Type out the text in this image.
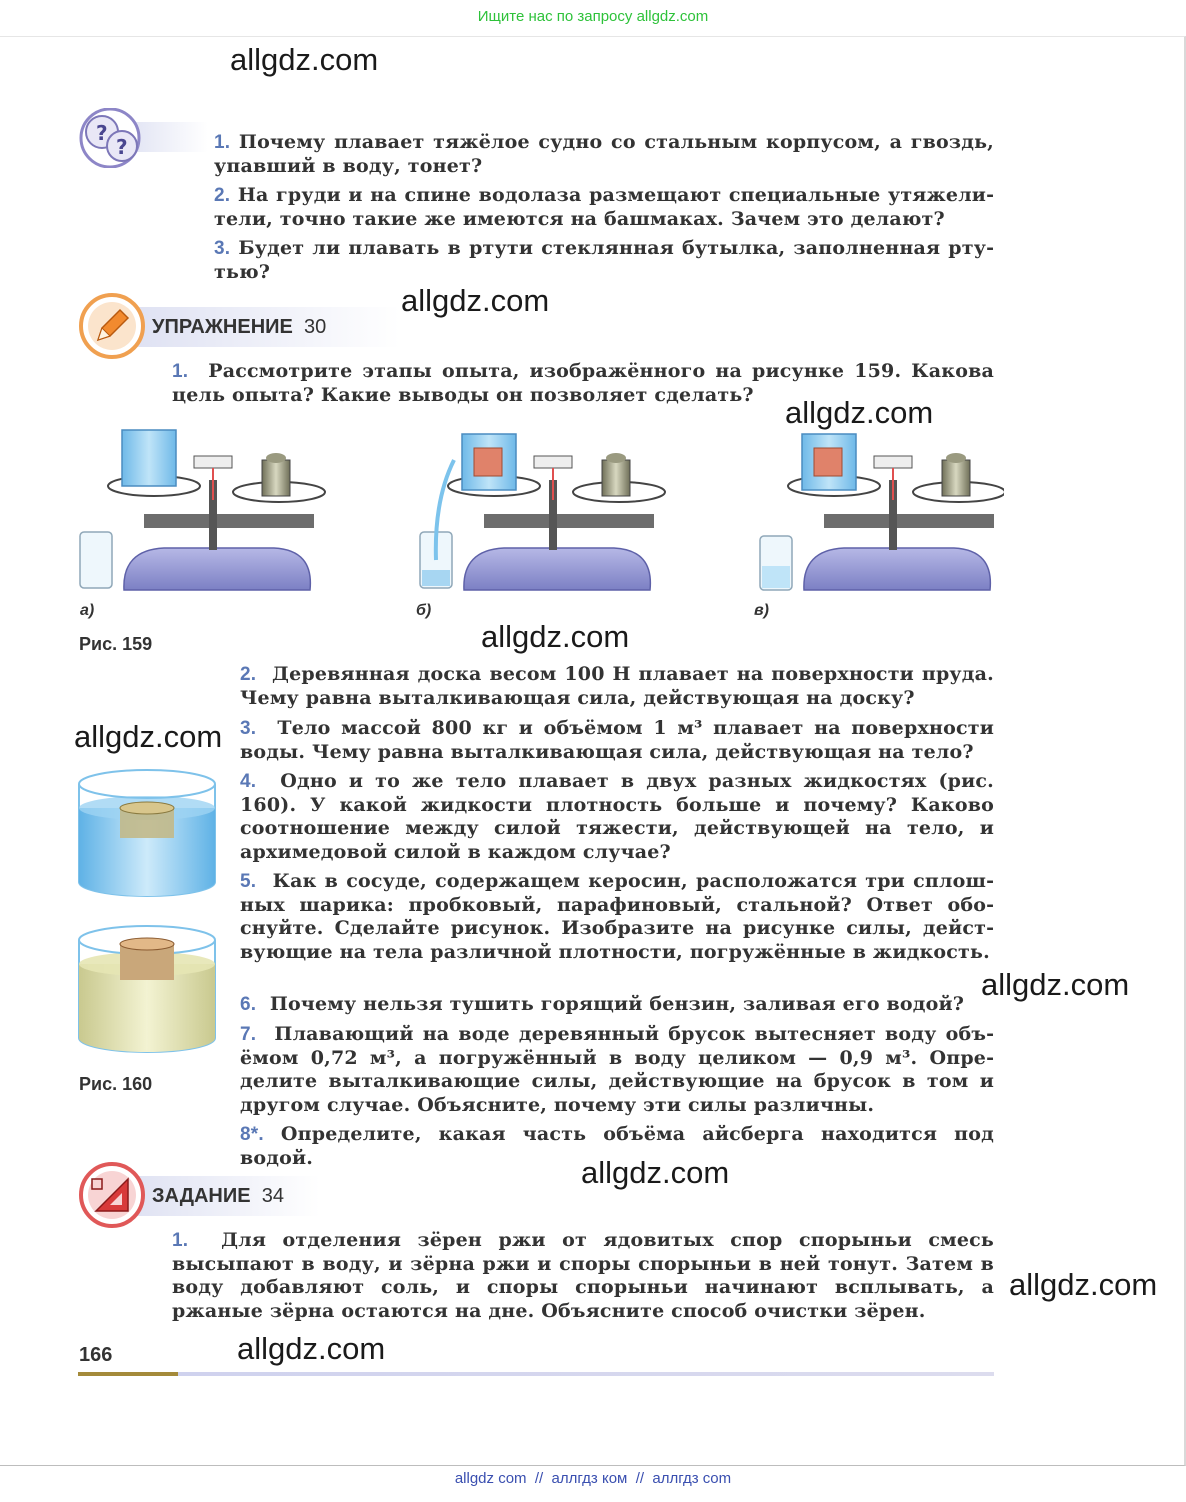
Ищите нас по запросу allgdz.com
?
?	1. Почему плавает тяжёлое судно со стальным корпусом, а гвоздь, упавший в воду, тонет?
2. На груди и на спине водолаза размещают специальные утяжелители, точно такие же имеются на башмаках. Зачем это делают?
3. Будет ли плавать в ртути стеклянная бутылка, заполненная ртутью?
УПРАЖНЕНИЕ 30
1. Рассмотрите этапы опыта, изображённого на рисунке 159. Какова цель опыта? Какие выводы он позволяет сделать?
а)	б)	в)
Рис. 159
2. Деревянная доска весом 100 Н плавает на поверхности пруда. Чему равна выталкивающая сила, действующая на доску?
3. Тело массой 800 кг и объёмом 1 м³ плавает на поверхности воды. Чему равна выталкивающая сила, действующая на тело?
4. Одно и то же тело плавает в двух разных жидкостях (рис. 160). У какой жидкости плотность больше и почему? Каково соотношение между силой тяжести, действующей на тело, и архимедовой силой в каждом случае?
5. Как в сосуде, содержащем керосин, расположатся три сплошных шарика: пробковый, парафиновый, стальной? Ответ обоснуйте. Сделайте рисунок. Изобразите на рисунке силы, действующие на тела различной плотности, погружённые в жидкость.
6. Почему нельзя тушить горящий бензин, заливая его водой?
7. Плавающий на воде деревянный брусок вытесняет воду объёмом 0,72 м³, а погружённый в воду целиком — 0,9 м³. Определите выталкивающие силы, действующие на брусок в том и другом случае. Объясните, почему эти силы различны.
8*. Определите, какая часть объёма айсберга находится под водой.
Рис. 160
ЗАДАНИЕ 34
1. Для отделения зёрен ржи от ядовитых спор спорыньи смесь высыпают в воду, и зёрна ржи и споры спорыньи в ней тонут. Затем в воду добавляют соль, и споры спорыньи начинают всплывать, а ржаные зёрна остаются на дне. Объясните способ очистки зёрен.
166
allgdz.com
allgdz.com
allgdz.com
allgdz.com
allgdz.com
allgdz.com
allgdz.com
allgdz.com
allgdz.com
allgdz com  //  аллгдз ком  //  аллгдз com
